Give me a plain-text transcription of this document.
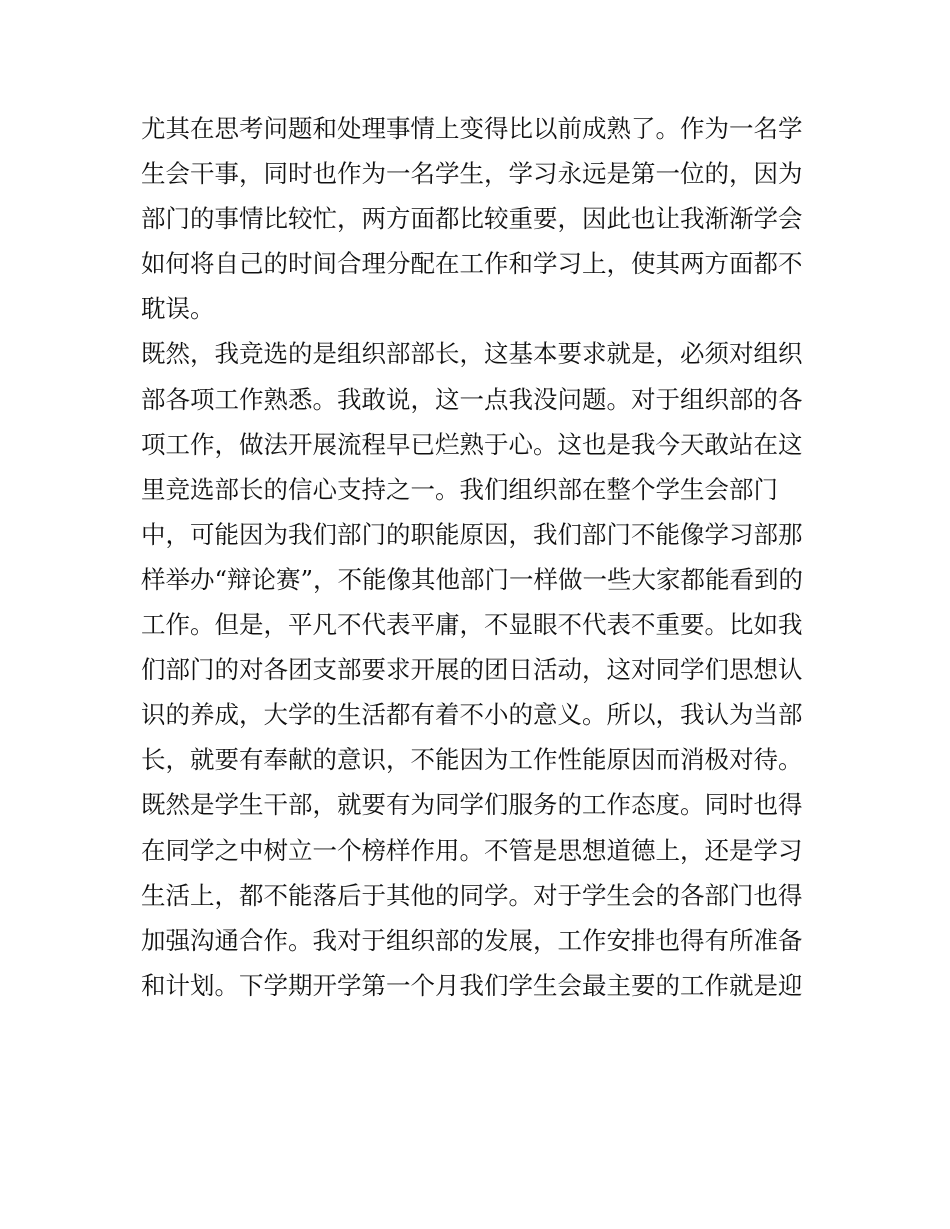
尤其在思考问题和处理事情上变得比以前成熟了。作为一名学
生会干事，同时也作为一名学生，学习永远是第一位的，因为
部门的事情比较忙，两方面都比较重要，因此也让我渐渐学会
如何将自己的时间合理分配在工作和学习上，使其两方面都不
耽误。
既然，我竞选的是组织部部长，这基本要求就是，必须对组织
部各项工作熟悉。我敢说，这一点我没问题。对于组织部的各
项工作，做法开展流程早已烂熟于心。这也是我今天敢站在这
里竞选部长的信心支持之一。我们组织部在整个学生会部门
中，可能因为我们部门的职能原因，我们部门不能像学习部那
样举办“辩论赛”，不能像其他部门一样做一些大家都能看到的
工作。但是，平凡不代表平庸，不显眼不代表不重要。比如我
们部门的对各团支部要求开展的团日活动，这对同学们思想认
识的养成，大学的生活都有着不小的意义。所以，我认为当部
长，就要有奉献的意识，不能因为工作性能原因而消极对待。
既然是学生干部，就要有为同学们服务的工作态度。同时也得
在同学之中树立一个榜样作用。不管是思想道德上，还是学习
生活上，都不能落后于其他的同学。对于学生会的各部门也得
加强沟通合作。我对于组织部的发展，工作安排也得有所准备
和计划。下学期开学第一个月我们学生会最主要的工作就是迎
